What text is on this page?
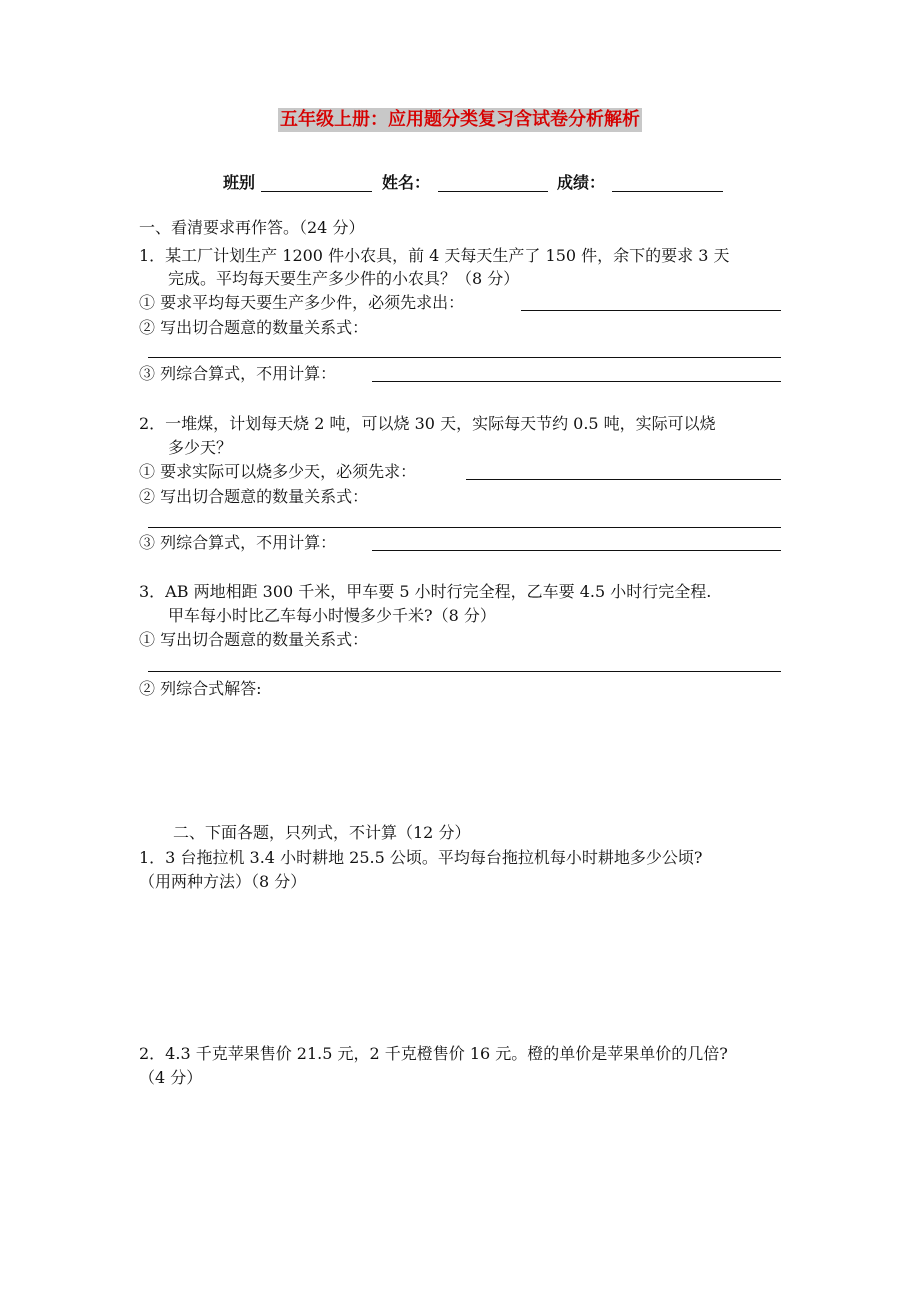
五年级上册：应用题分类复习含试卷分析解析
班别	姓名：	成绩：
一、看清要求再作答。（24 分）
1．某工厂计划生产 1200 件小农具，前 4 天每天生产了 150 件，余下的要求 3 天
完成。平均每天要生产多少件的小农具？（8 分）
① 要求平均每天要生产多少件，必须先求出：
② 写出切合题意的数量关系式：
③ 列综合算式，不用计算：
2．一堆煤，计划每天烧 2 吨，可以烧 30 天，实际每天节约 0.5 吨，实际可以烧
多少天？
① 要求实际可以烧多少天，必须先求：
② 写出切合题意的数量关系式：
③ 列综合算式，不用计算：
3．AB 两地相距 300 千米，甲车要 5 小时行完全程，乙车要 4.5 小时行完全程.
甲车每小时比乙车每小时慢多少千米?（8 分）
① 写出切合题意的数量关系式：
② 列综合式解答:
二、下面各题，只列式，不计算（12 分）
1．3 台拖拉机 3.4 小时耕地 25.5 公顷。平均每台拖拉机每小时耕地多少公顷?
（用两种方法）（8 分）
2．4.3 千克苹果售价 21.5 元，2 千克橙售价 16 元。橙的单价是苹果单价的几倍?
（4 分）
